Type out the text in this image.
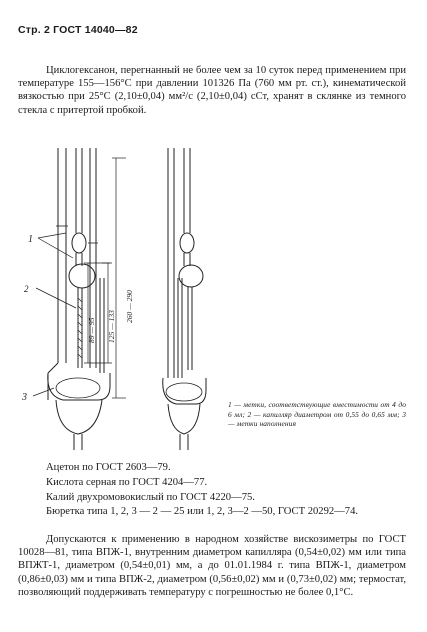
Стр. 2 ГОСТ 14040—82

Циклогексанон, перегнанный не более чем за 10 суток перед применением при температуре 155—156°С при давлении 101326 Па (760 мм рт. ст.), кинематической вязкостью при 25°С (2,10±0,04) мм²/с (2,10±0,04) сСт, хранят в склянке из темного стекла с притертой пробкой.

1
2
3
89 — 95 125 — 133
260 — 290
1 — метки, соответствующие вместимости от 4 до 6 мл; 2 — капилляр диаметром от 0,55 до 0,65 мм; 3 — метки наполнения

Ацетон по ГОСТ 2603—79.

Кислота серная по ГОСТ 4204—77.

Калий двухромовокислый по ГОСТ 4220—75.

Бюретка типа 1, 2, 3 — 2 — 25 или 1, 2, 3—2 —50, ГОСТ 20292—74.

Допускаются к применению в народном хозяйстве вискозиметры по ГОСТ 10028—81, типа ВПЖ-1, внутренним диаметром капилляра (0,54±0,02) мм или типа ВПЖТ-1, диаметром (0,54±0,01) мм, а до 01.01.1984 г. типа ВПЖ-1, диаметром (0,86±0,03) мм и типа ВПЖ-2, диаметром (0,56±0,02) мм и (0,73±0,02) мм; термостат, позволяющий поддерживать температуру с погрешностью не более 0,1°С.
